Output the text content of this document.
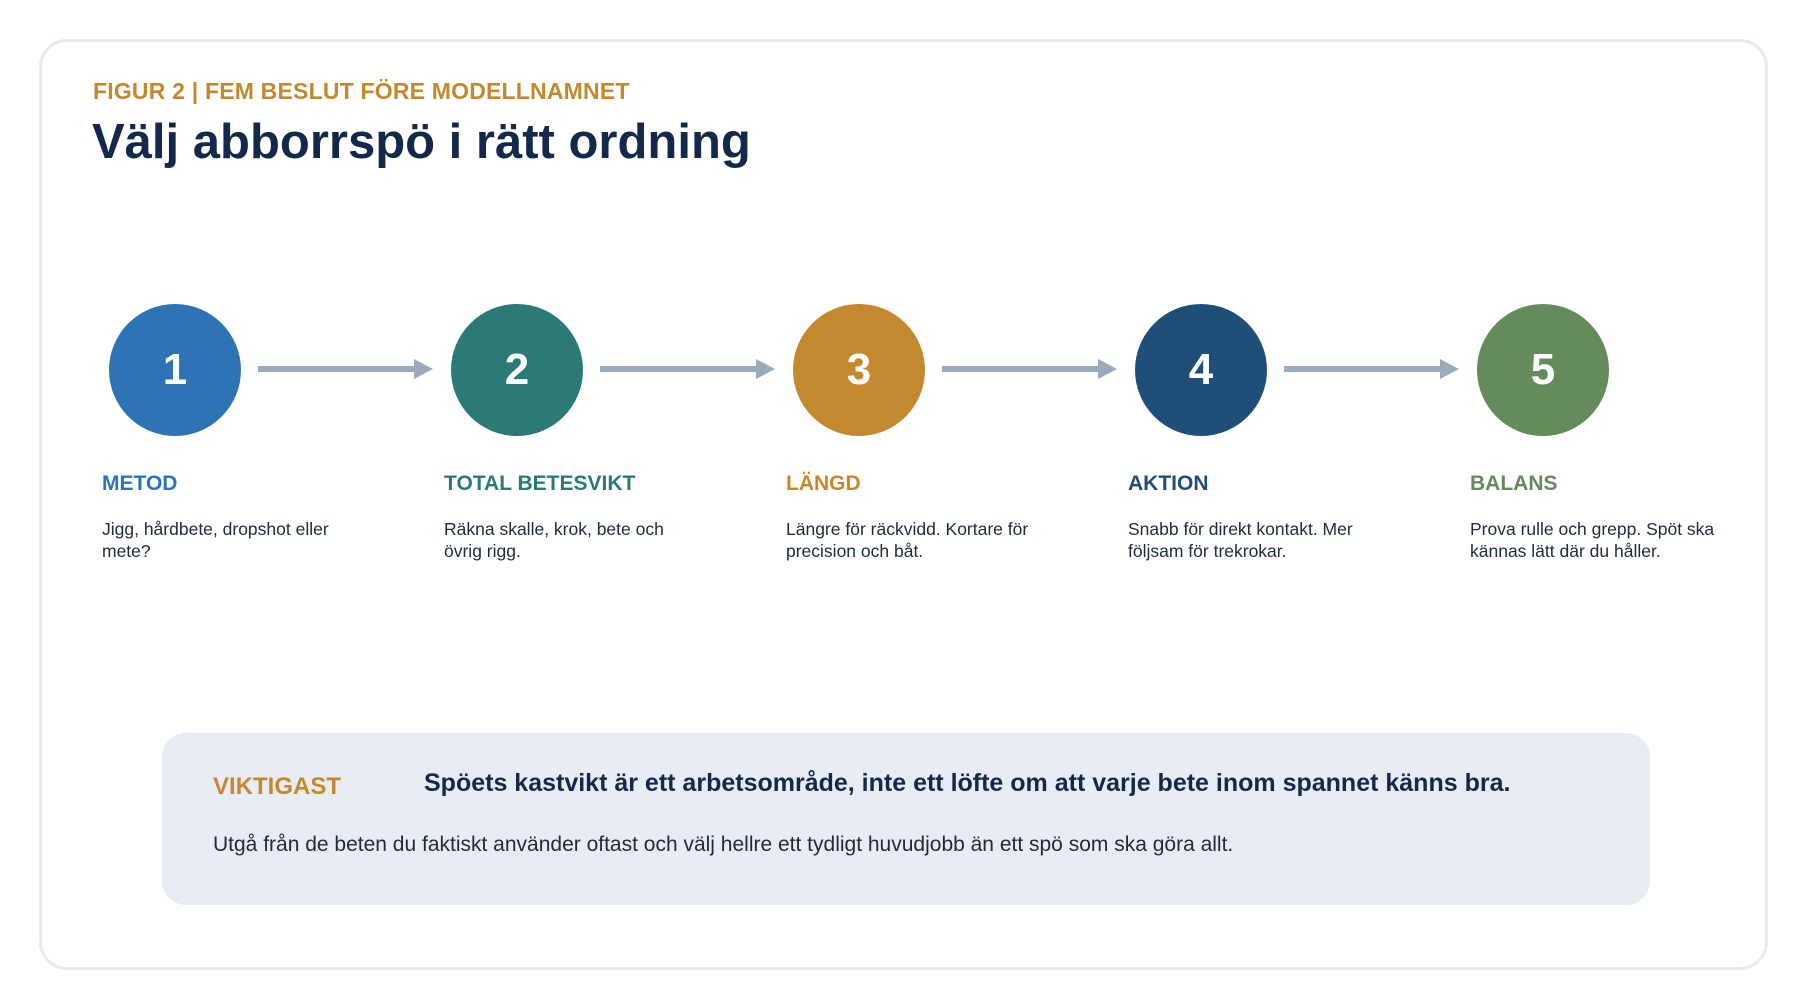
FIGUR 2 | FEM BESLUT FÖRE MODELLNAMNET
Välj abborrspö i rätt ordning
1
METOD
Jigg, hårdbete, dropshot eller mete?
2
TOTAL BETESVIKT
Räkna skalle, krok, bete och övrig rigg.
3
LÄNGD
Längre för räckvidd. Kortare för precision och båt.
4
AKTION
Snabb för direkt kontakt. Mer följsam för trekrokar.
5
BALANS
Prova rulle och grepp. Spöt ska kännas lätt där du håller.
VIKTIGAST	Spöets kastvikt är ett arbetsområde, inte ett löfte om att varje bete inom spannet känns bra.
Utgå från de beten du faktiskt använder oftast och välj hellre ett tydligt huvudjobb än ett spö som ska göra allt.
